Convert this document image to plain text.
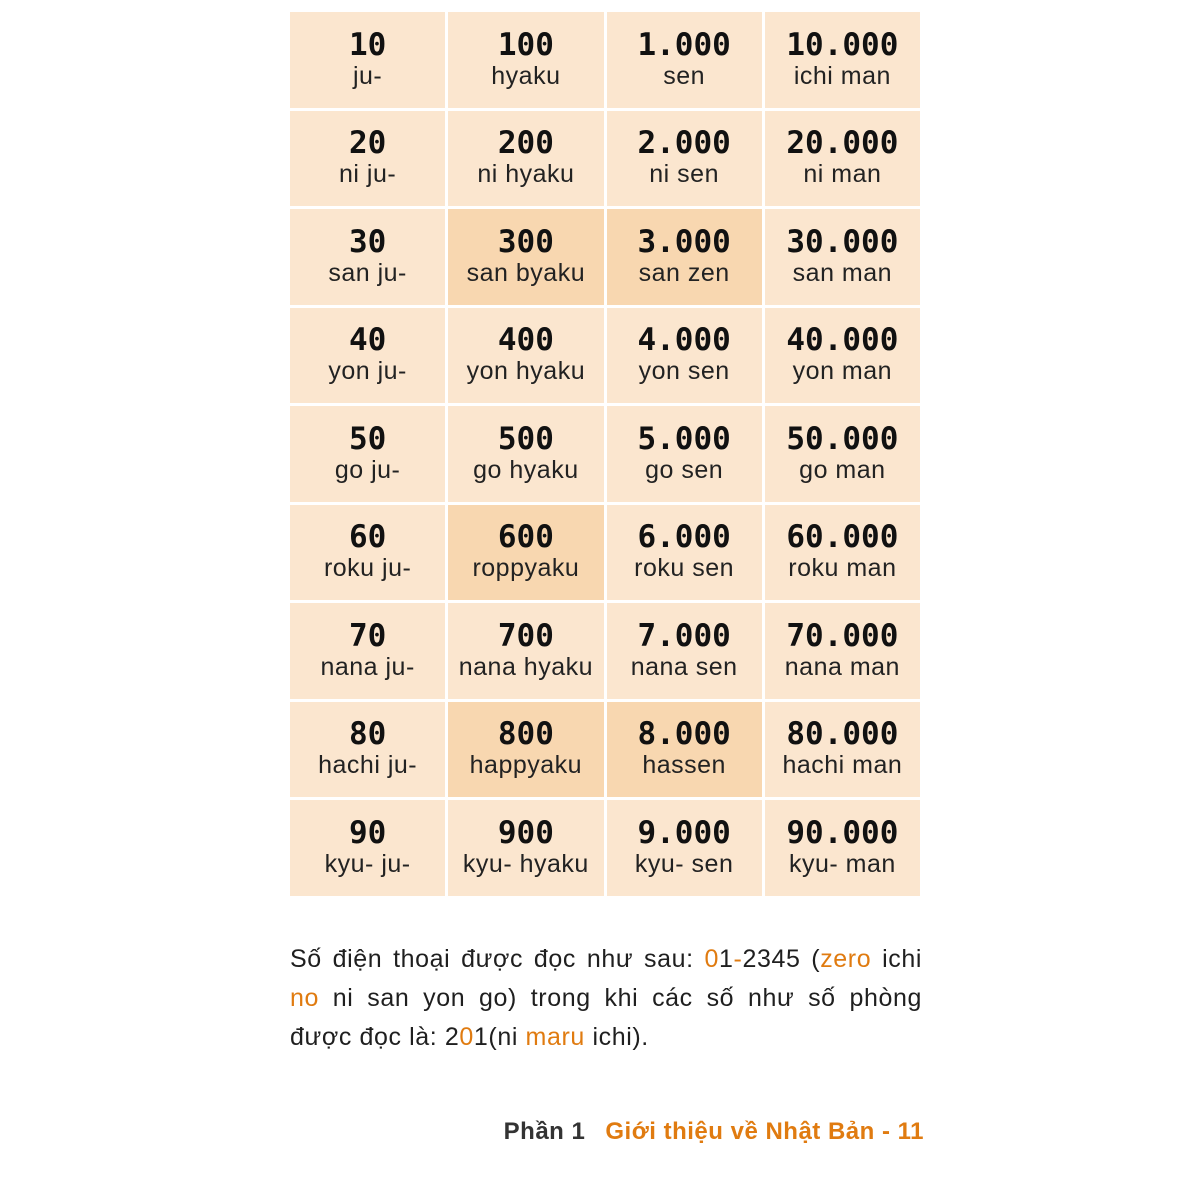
10
ju-
100
hyaku
1.000
sen
10.000
ichi man
20
ni ju-
200
ni hyaku
2.000
ni sen
20.000
ni man
30
san ju-
300
san byaku
3.000
san zen
30.000
san man
40
yon ju-
400
yon hyaku
4.000
yon sen
40.000
yon man
50
go ju-
500
go hyaku
5.000
go sen
50.000
go man
60
roku ju-
600
roppyaku
6.000
roku sen
60.000
roku man
70
nana ju-
700
nana hyaku
7.000
nana sen
70.000
nana man
80
hachi ju-
800
happyaku
8.000
hassen
80.000
hachi man
90
kyu- ju-
900
kyu- hyaku
9.000
kyu- sen
90.000
kyu- man
Số điện thoại được đọc như sau: 01-2345 (zero ichi no ni san yon go) trong khi các số như số phòng được đọc là: 201(ni maru ichi).
Phần 1 Giới thiệu về Nhật Bản - 11
